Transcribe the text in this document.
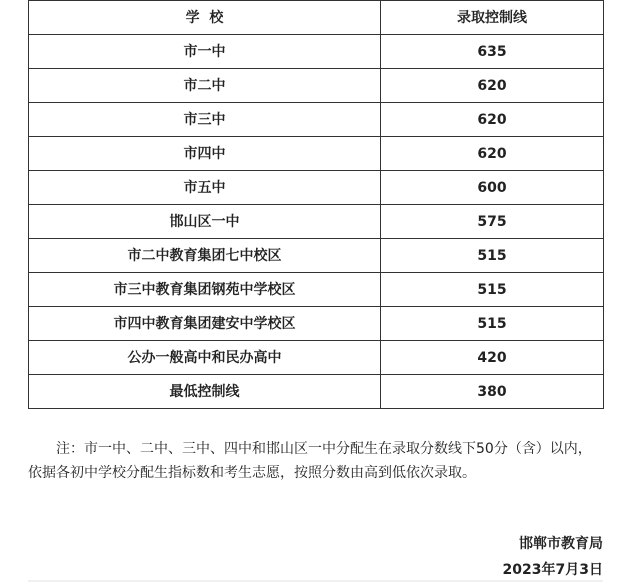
学  校	录取控制线
市一中	635
市二中	620
市三中	620
市四中	620
市五中	600
邯山区一中	575
市二中教育集团七中校区	515
市三中教育集团钢苑中学校区	515
市四中教育集团建安中学校区	515
公办一般高中和民办高中	420
最低控制线	380

注：市一中、二中、三中、四中和邯山区一中分配生在录取分数线下50分（含）以内，依据各初中学校分配生指标数和考生志愿，按照分数由高到低依次录取。

邯郸市教育局
2023年7月3日
